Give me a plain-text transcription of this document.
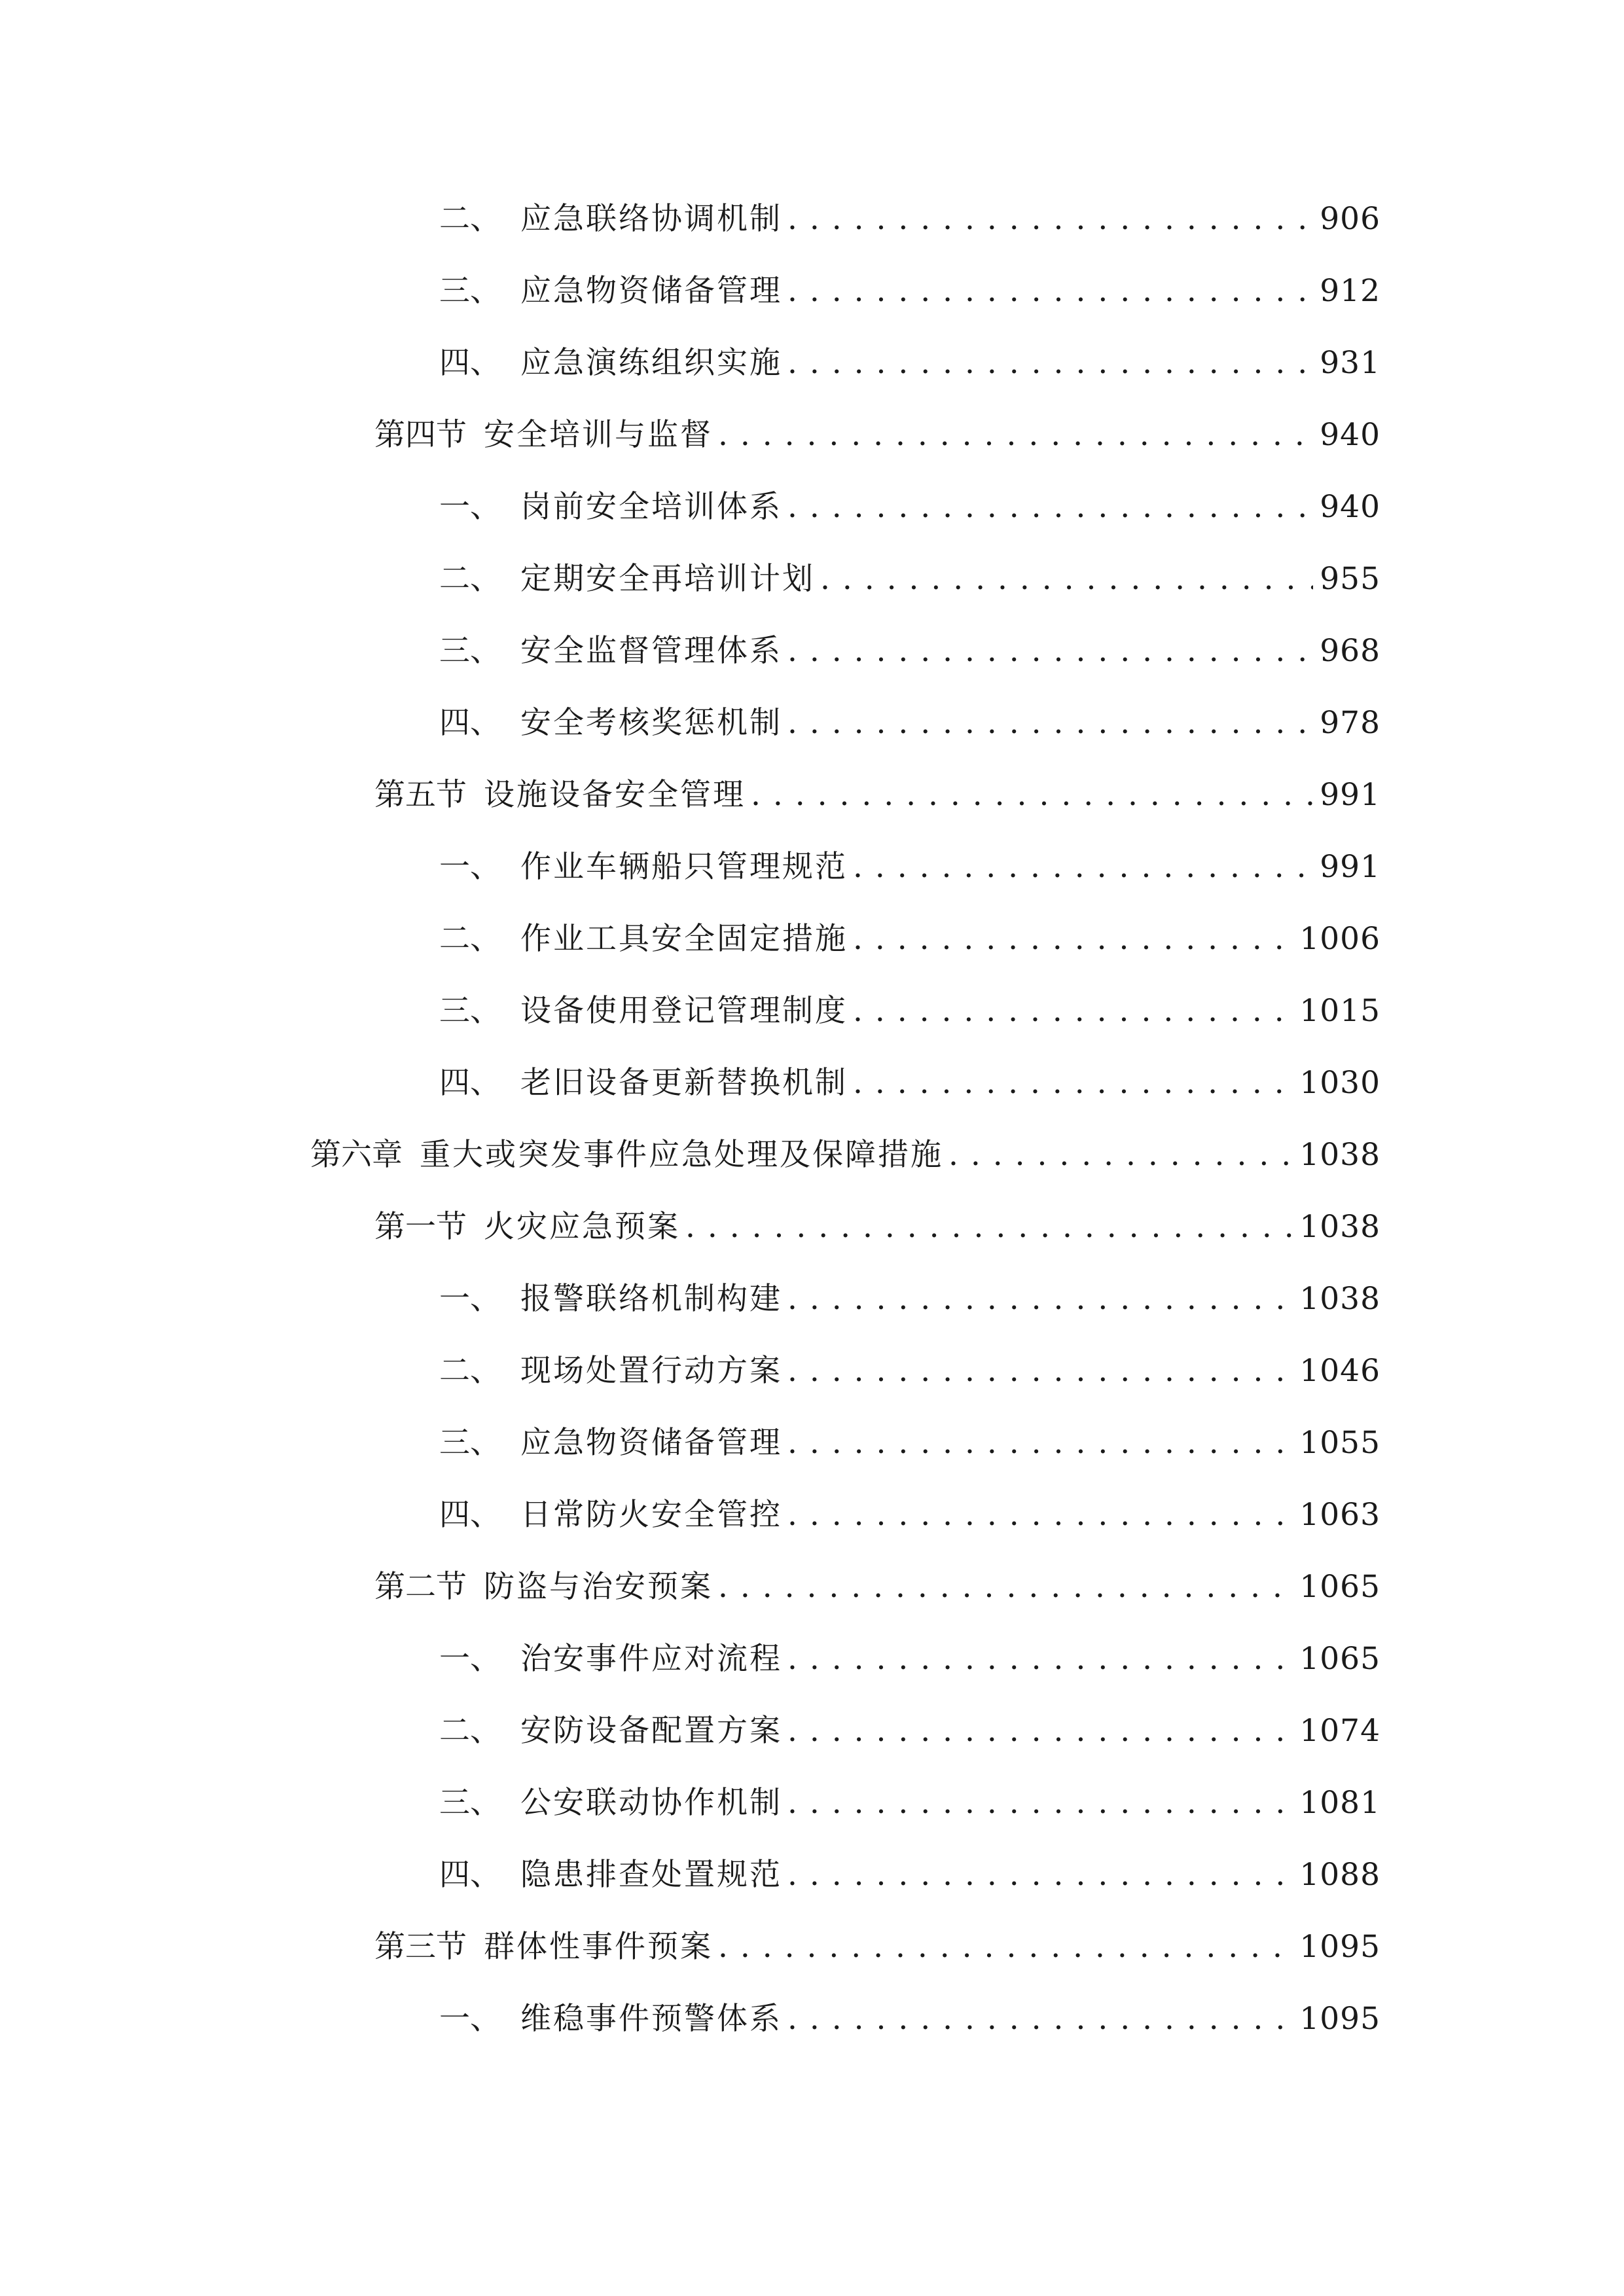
二、 应急联络协调机制 . . .	906
三、 应急物资储备管理 . . .	912
四、 应急演练组织实施 . . .	931
第四节 安全培训与监督 . . .	940
一、 岗前安全培训体系 . . .	940
二、 定期安全再培训计划 . . .	955
三、 安全监督管理体系 . . .	968
四、 安全考核奖惩机制 . . .	978
第五节 设施设备安全管理 . . .	991
一、 作业车辆船只管理规范 . . .	991
二、 作业工具安全固定措施 . . .	1006
三、 设备使用登记管理制度 . . .	1015
四、 老旧设备更新替换机制 . . .	1030
第六章 重大或突发事件应急处理及保障措施 . . .	1038
第一节 火灾应急预案 . . .	1038
一、 报警联络机制构建 . . .	1038
二、 现场处置行动方案 . . .	1046
三、 应急物资储备管理 . . .	1055
四、 日常防火安全管控 . . .	1063
第二节 防盗与治安预案 . . .	1065
一、 治安事件应对流程 . . .	1065
二、 安防设备配置方案 . . .	1074
三、 公安联动协作机制 . . .	1081
四、 隐患排查处置规范 . . .	1088
第三节 群体性事件预案 . . .	1095
一、 维稳事件预警体系 . . .	1095
